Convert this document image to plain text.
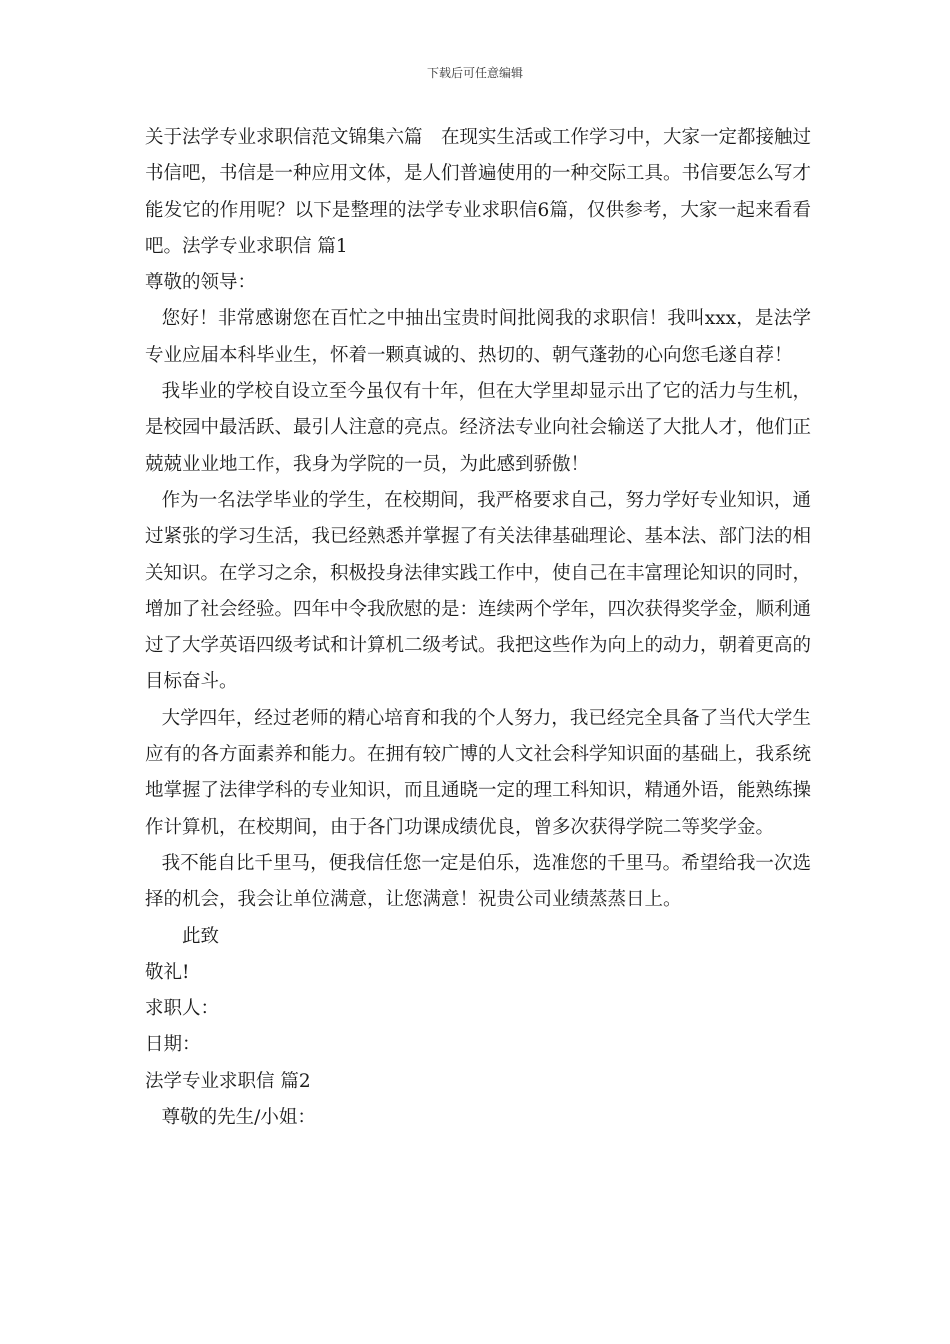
下载后可任意编辑

关于法学专业求职信范文锦集六篇　在现实生活或工作学习中，大家一定都接触过书信吧，书信是一种应用文体，是人们普遍使用的一种交际工具。书信要怎么写才能发它的作用呢？以下是整理的法学专业求职信6篇，仅供参考，大家一起来看看吧。法学专业求职信 篇1

尊敬的领导：

您好！非常感谢您在百忙之中抽出宝贵时间批阅我的求职信！我叫xxx，是法学专业应届本科毕业生，怀着一颗真诚的、热切的、朝气蓬勃的心向您毛遂自荐！

我毕业的学校自设立至今虽仅有十年，但在大学里却显示出了它的活力与生机，是校园中最活跃、最引人注意的亮点。经济法专业向社会输送了大批人才，他们正兢兢业业地工作，我身为学院的一员，为此感到骄傲！

作为一名法学毕业的学生，在校期间，我严格要求自己，努力学好专业知识，通过紧张的学习生活，我已经熟悉并掌握了有关法律基础理论、基本法、部门法的相关知识。在学习之余，积极投身法律实践工作中，使自己在丰富理论知识的同时，增加了社会经验。四年中令我欣慰的是：连续两个学年，四次获得奖学金，顺利通过了大学英语四级考试和计算机二级考试。我把这些作为向上的动力，朝着更高的目标奋斗。

大学四年，经过老师的精心培育和我的个人努力，我已经完全具备了当代大学生应有的各方面素养和能力。在拥有较广博的人文社会科学知识面的基础上，我系统地掌握了法律学科的专业知识，而且通晓一定的理工科知识，精通外语，能熟练操作计算机，在校期间，由于各门功课成绩优良，曾多次获得学院二等奖学金。

我不能自比千里马，便我信任您一定是伯乐，选准您的千里马。希望给我一次选择的机会，我会让单位满意，让您满意！祝贵公司业绩蒸蒸日上。

此致

敬礼!

求职人：

日期：

法学专业求职信 篇2

尊敬的先生/小姐：
